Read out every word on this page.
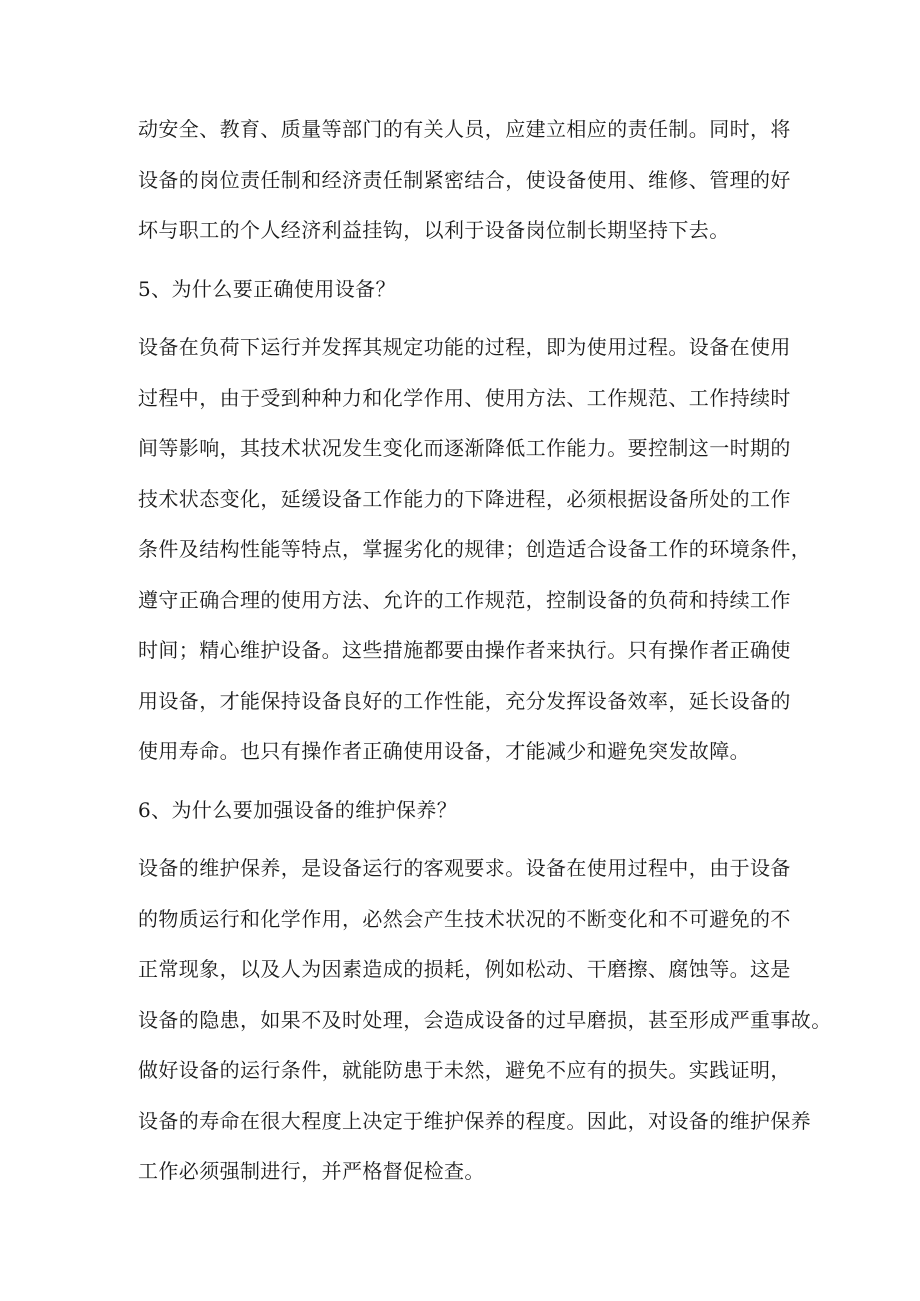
动安全、教育、质量等部门的有关人员，应建立相应的责任制。同时，将
设备的岗位责任制和经济责任制紧密结合，使设备使用、维修、管理的好
坏与职工的个人经济利益挂钩，以利于设备岗位制长期坚持下去。

5、为什么要正确使用设备？

设备在负荷下运行并发挥其规定功能的过程，即为使用过程。设备在使用
过程中，由于受到种种力和化学作用、使用方法、工作规范、工作持续时
间等影响，其技术状况发生变化而逐渐降低工作能力。要控制这一时期的
技术状态变化，延缓设备工作能力的下降进程，必须根据设备所处的工作
条件及结构性能等特点，掌握劣化的规律；创造适合设备工作的环境条件，
遵守正确合理的使用方法、允许的工作规范，控制设备的负荷和持续工作
时间；精心维护设备。这些措施都要由操作者来执行。只有操作者正确使
用设备，才能保持设备良好的工作性能，充分发挥设备效率，延长设备的
使用寿命。也只有操作者正确使用设备，才能减少和避免突发故障。

6、为什么要加强设备的维护保养？

设备的维护保养，是设备运行的客观要求。设备在使用过程中，由于设备
的物质运行和化学作用，必然会产生技术状况的不断变化和不可避免的不
正常现象，以及人为因素造成的损耗，例如松动、干磨擦、腐蚀等。这是
设备的隐患，如果不及时处理，会造成设备的过早磨损，甚至形成严重事故。
做好设备的运行条件，就能防患于未然，避免不应有的损失。实践证明，
设备的寿命在很大程度上决定于维护保养的程度。因此，对设备的维护保养
工作必须强制进行，并严格督促检查。
